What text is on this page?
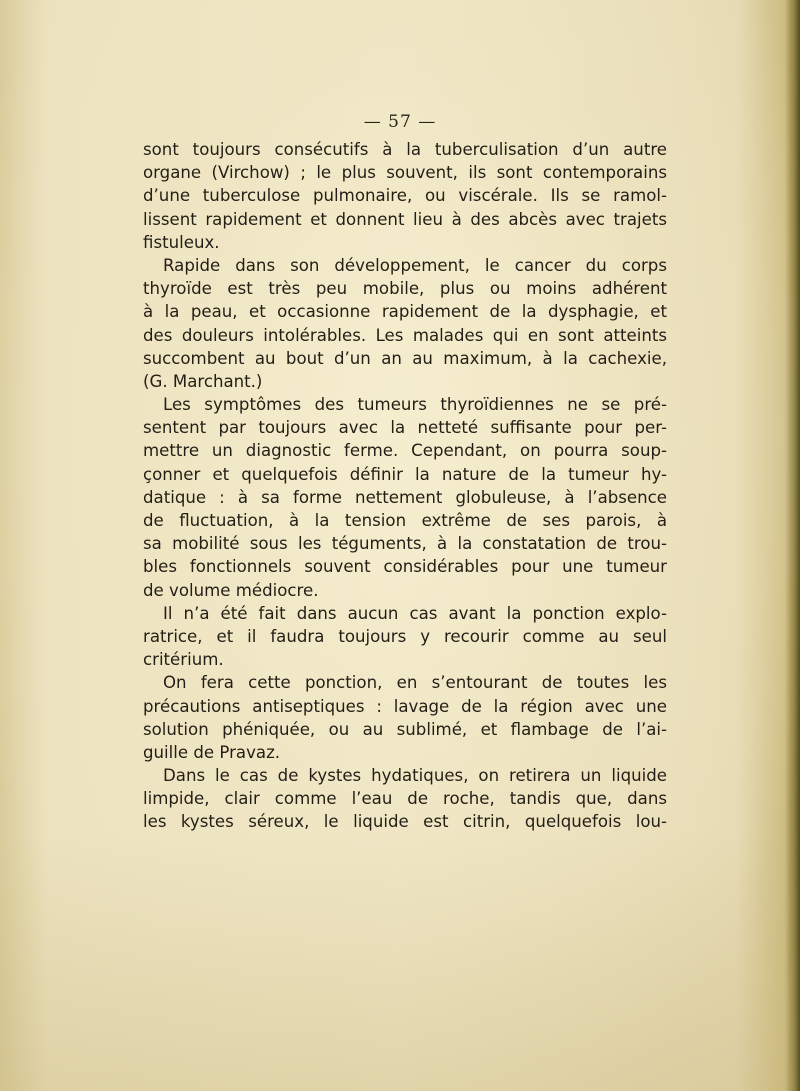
— 57 —
sont toujours consécutifs à la tuberculisation d’un autre
organe (Virchow) ; le plus souvent, ils sont contemporains
d’une tuberculose pulmonaire, ou viscérale. Ils se ramol-
lissent rapidement et donnent lieu à des abcès avec trajets
fistuleux.
Rapide dans son développement, le cancer du corps
thyroïde est très peu mobile, plus ou moins adhérent
à la peau, et occasionne rapidement de la dysphagie, et
des douleurs intolérables. Les malades qui en sont atteints
succombent au bout d’un an au maximum, à la cachexie,
(G. Marchant.)
Les symptômes des tumeurs thyroïdiennes ne se pré-
sentent par toujours avec la netteté suffisante pour per-
mettre un diagnostic ferme. Cependant, on pourra soup-
çonner et quelquefois définir la nature de la tumeur hy-
datique : à sa forme nettement globuleuse, à l’absence
de fluctuation, à la tension extrême de ses parois, à
sa mobilité sous les téguments, à la constatation de trou-
bles fonctionnels souvent considérables pour une tumeur
de volume médiocre.
Il n’a été fait dans aucun cas avant la ponction explo-
ratrice, et il faudra toujours y recourir comme au seul
critérium.
On fera cette ponction, en s’entourant de toutes les
précautions antiseptiques : lavage de la région avec une
solution phéniquée, ou au sublimé, et flambage de l’ai-
guille de Pravaz.
Dans le cas de kystes hydatiques, on retirera un liquide
limpide, clair comme l’eau de roche, tandis que, dans
les kystes séreux, le liquide est citrin, quelquefois lou-
